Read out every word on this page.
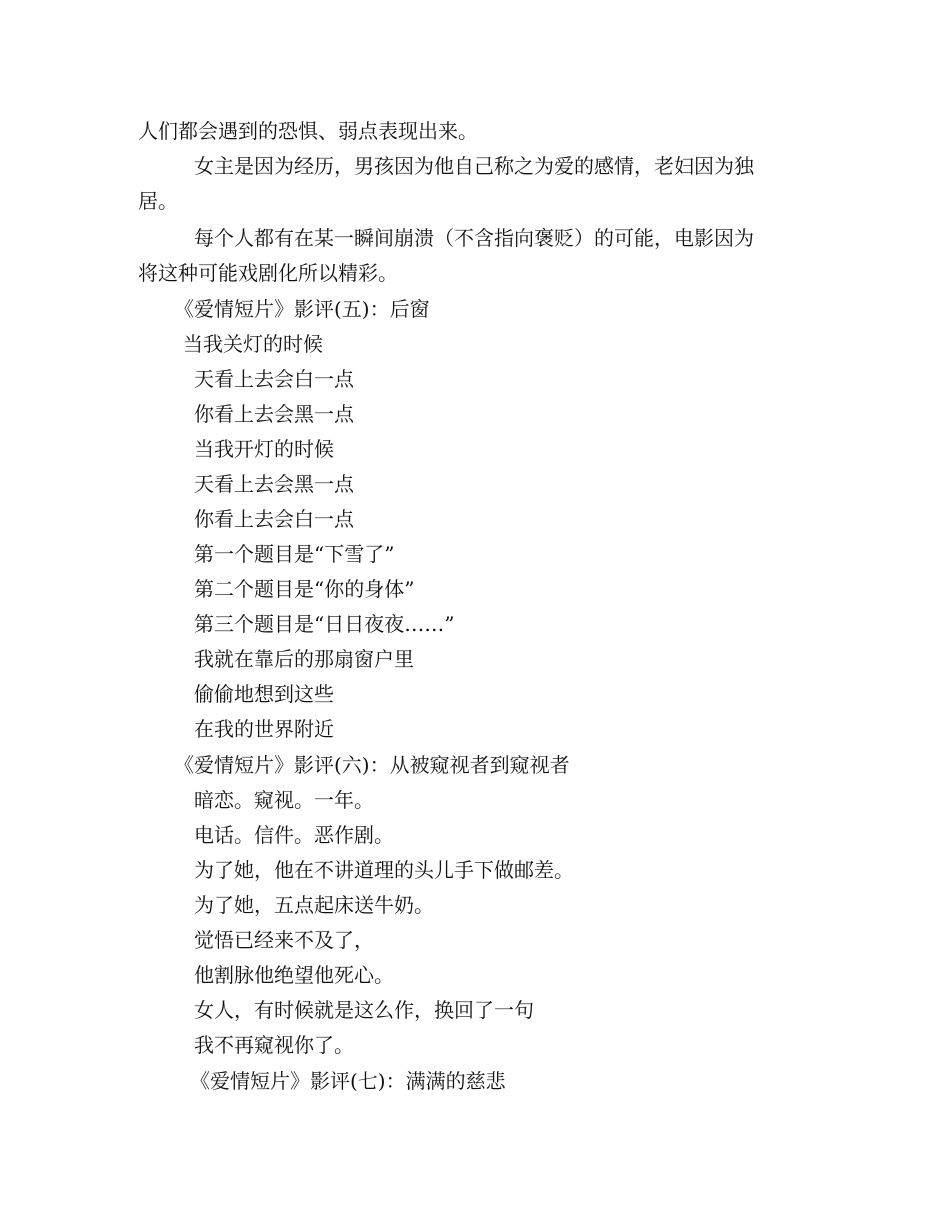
人们都会遇到的恐惧、弱点表现出来。
女主是因为经历，男孩因为他自己称之为爱的感情，老妇因为独
居。
每个人都有在某一瞬间崩溃（不含指向褒贬）的可能，电影因为
将这种可能戏剧化所以精彩。
《爱情短片》影评(五)：后窗
当我关灯的时候
天看上去会白一点
你看上去会黑一点
当我开灯的时候
天看上去会黑一点
你看上去会白一点
第一个题目是“下雪了”
第二个题目是“你的身体”
第三个题目是“日日夜夜……”
我就在靠后的那扇窗户里
偷偷地想到这些
在我的世界附近
《爱情短片》影评(六)：从被窥视者到窥视者
暗恋。窥视。一年。
电话。信件。恶作剧。
为了她，他在不讲道理的头儿手下做邮差。
为了她，五点起床送牛奶。
觉悟已经来不及了，
他割脉他绝望他死心。
女人，有时候就是这么作，换回了一句
我不再窥视你了。
《爱情短片》影评(七)：满满的慈悲
